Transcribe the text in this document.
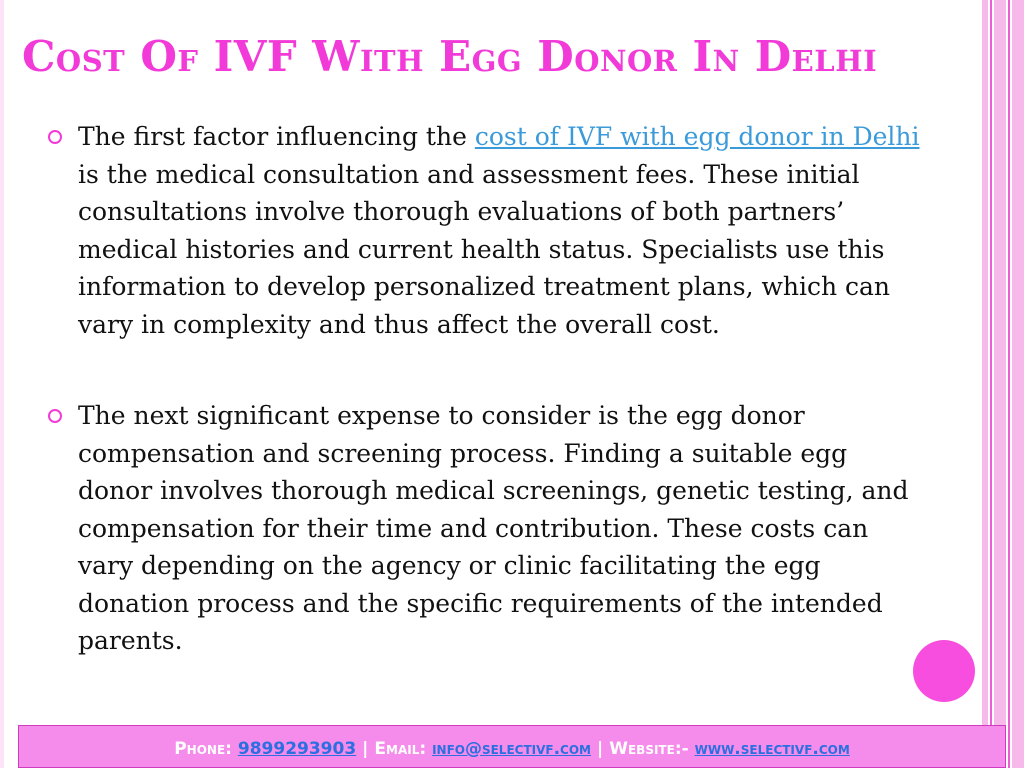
Cost Of IVF With Egg Donor In Delhi
The first factor influencing the cost of IVF with egg donor in Delhi is the medical consultation and assessment fees. These initial consultations involve thorough evaluations of both partners’ medical histories and current health status. Specialists use this information to develop personalized treatment plans, which can vary in complexity and thus affect the overall cost.
The next significant expense to consider is the egg donor compensation and screening process. Finding a suitable egg donor involves thorough medical screenings, genetic testing, and compensation for their time and contribution. These costs can vary depending on the agency or clinic facilitating the egg donation process and the specific requirements of the intended parents.
Phone: 9899293903 | Email: info@selectivf.com | Website:- www.selectivf.com
